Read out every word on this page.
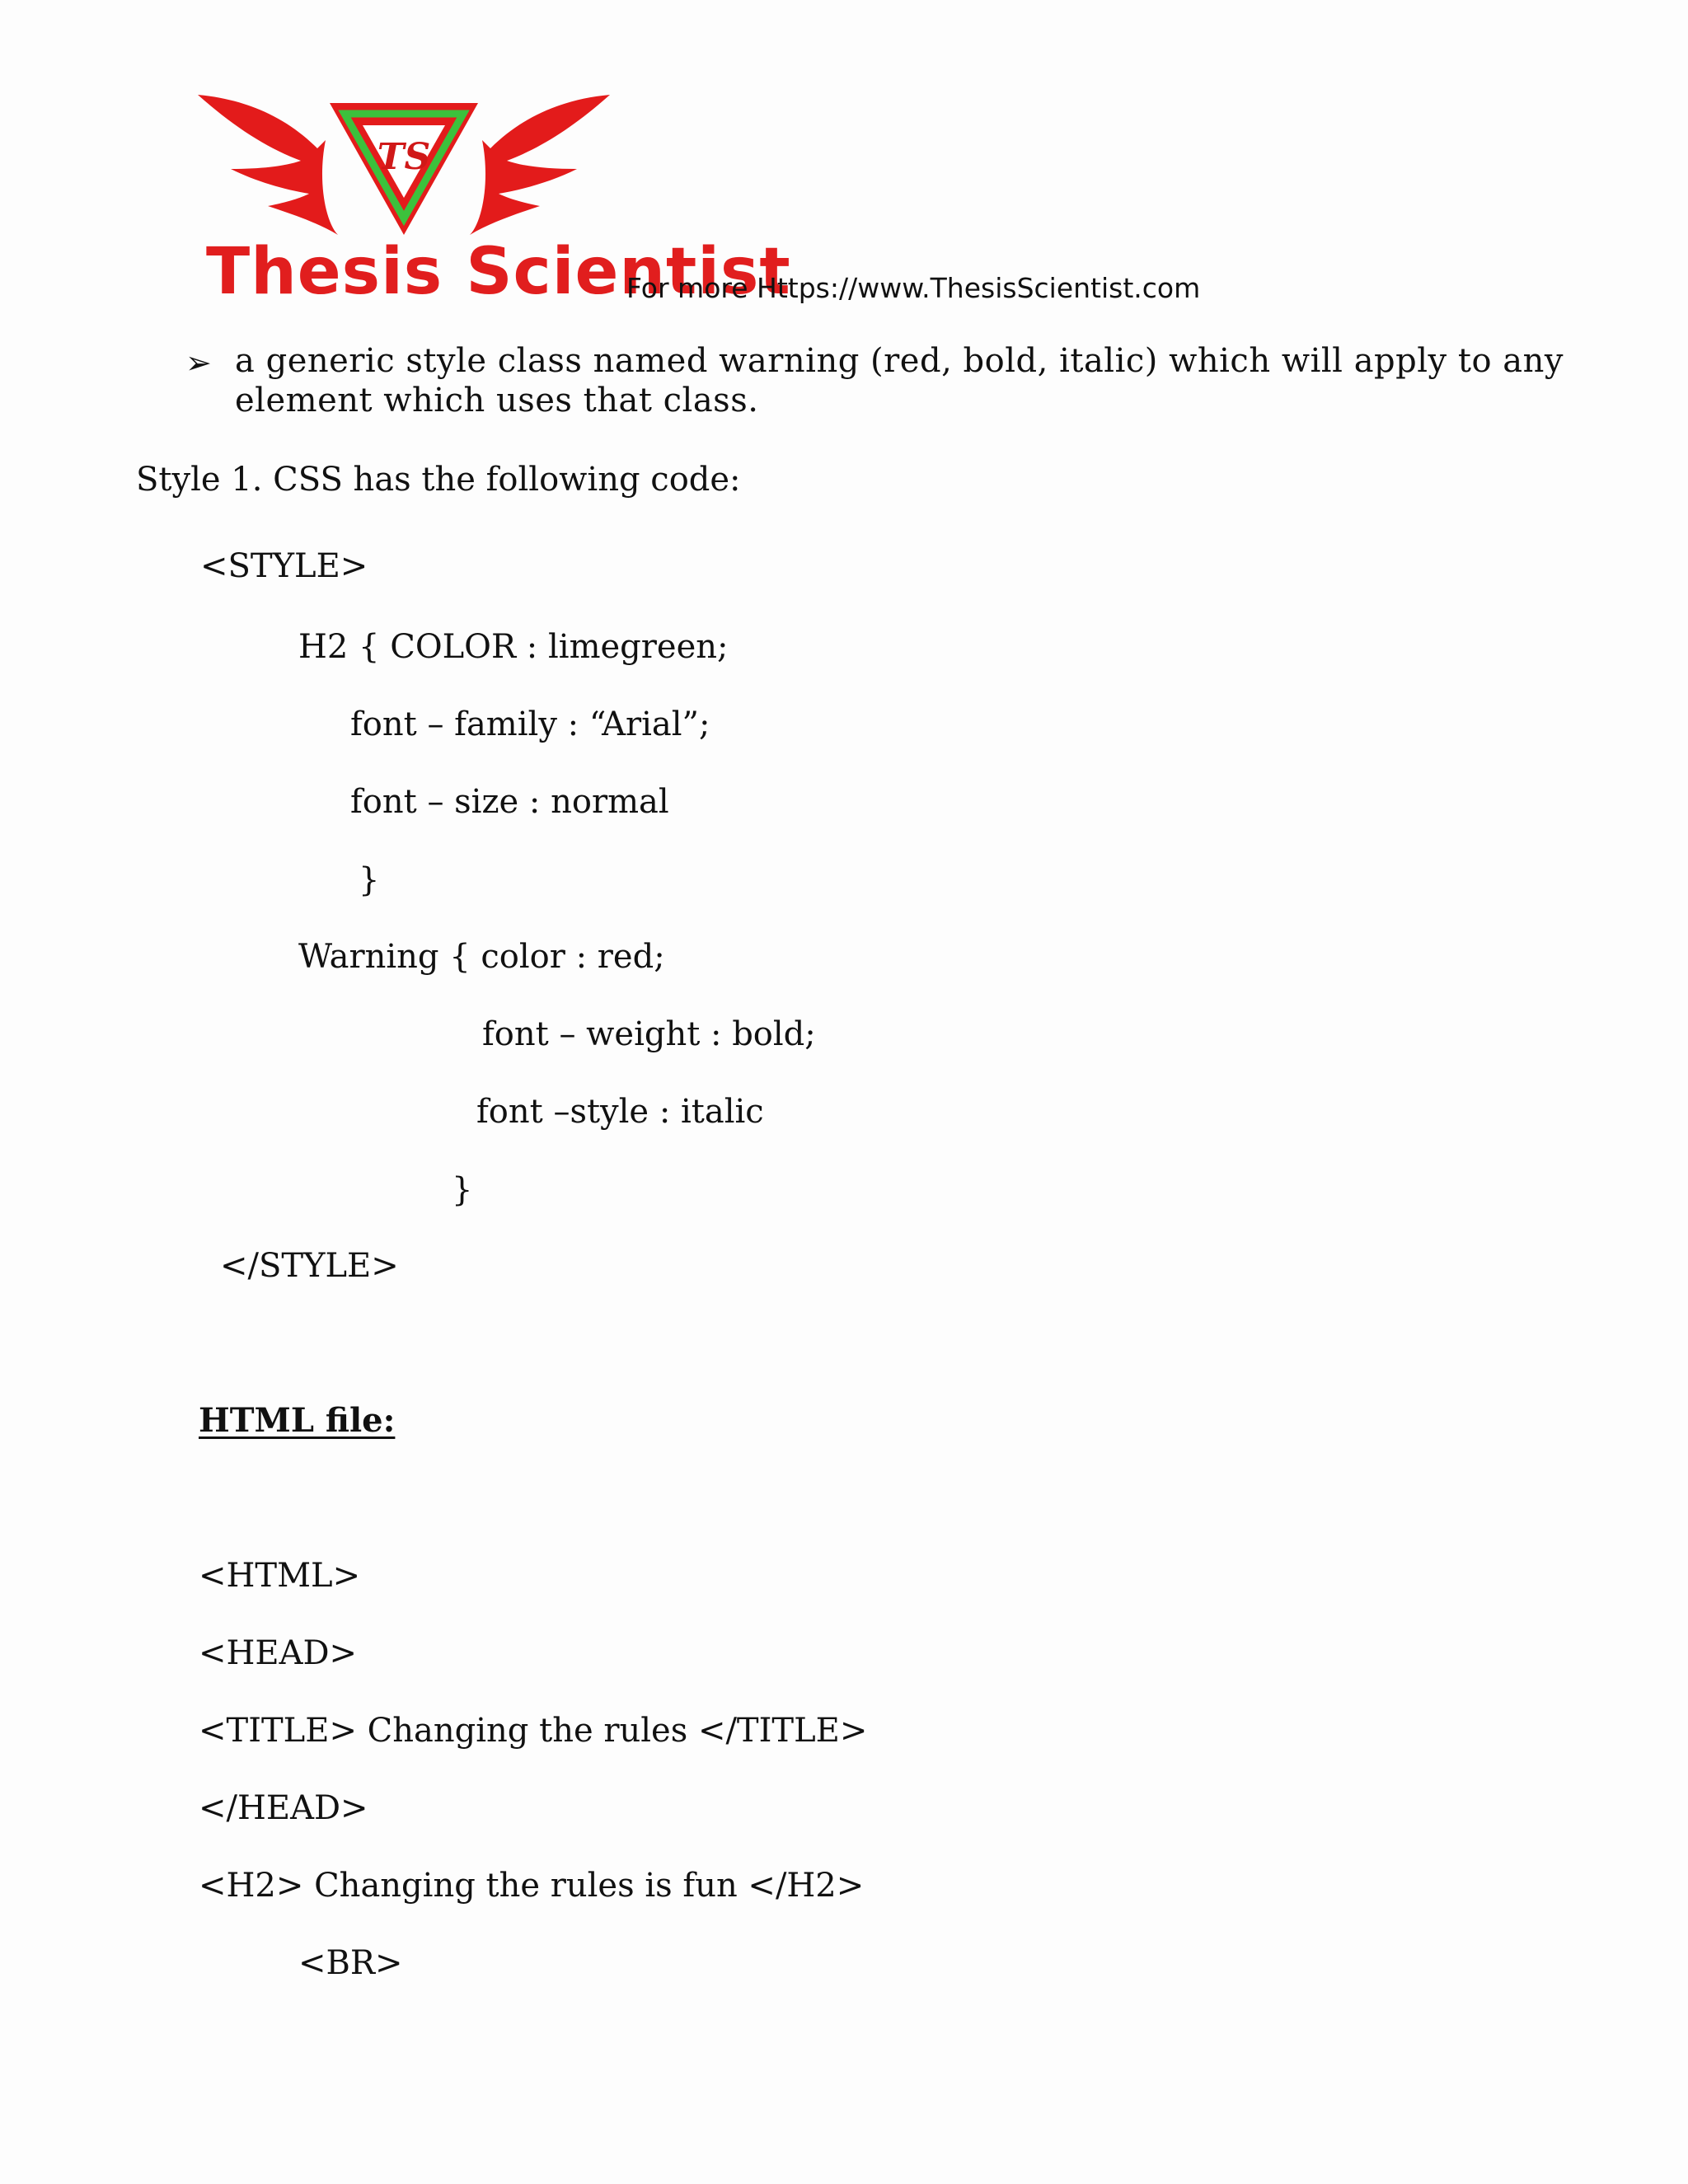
TS
Thesis Scientist
For more Https://www.ThesisScientist.com
➢ a generic style class named warning (red, bold, italic) which will apply to any element which uses that class.
Style 1. CSS has the following code:
<STYLE>
H2 { COLOR : limegreen;
font – family : “Arial”;
font – size : normal
}
Warning { color : red;
font – weight : bold;
font –style : italic
}
</STYLE>
HTML file:
<HTML>
<HEAD>
<TITLE> Changing the rules </TITLE>
</HEAD>
<H2> Changing the rules is fun </H2>
<BR>
